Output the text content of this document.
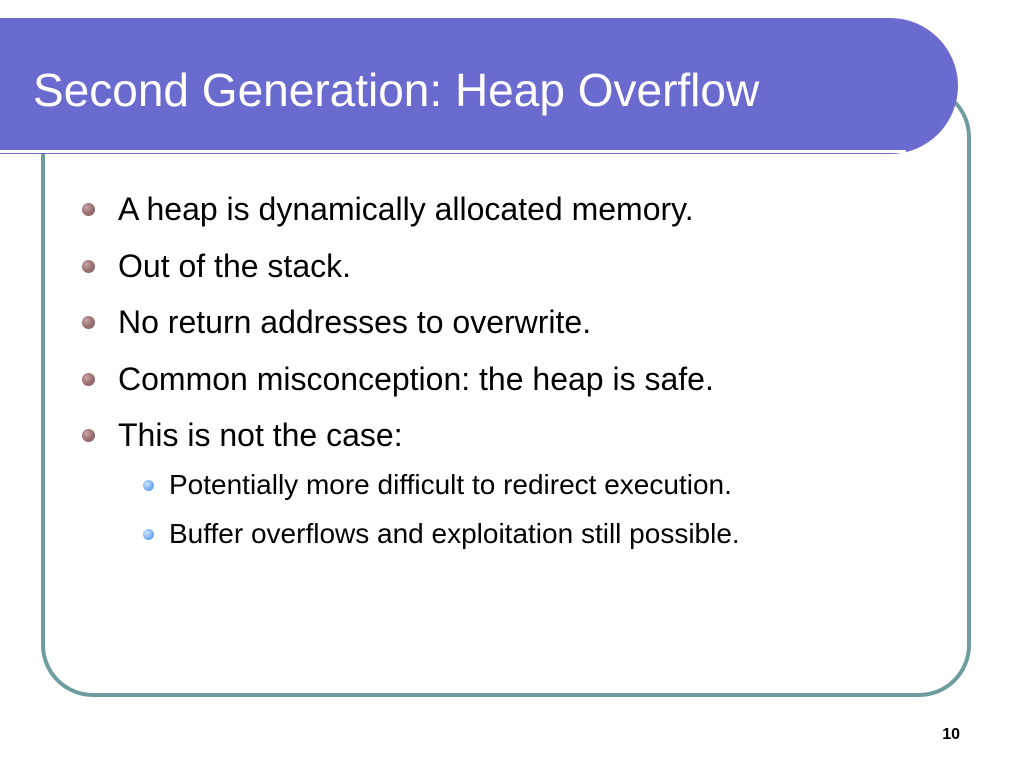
Second Generation: Heap Overflow
A heap is dynamically allocated memory.
Out of the stack.
No return addresses to overwrite.
Common misconception: the heap is safe.
This is not the case:
Potentially more difficult to redirect execution.
Buffer overflows and exploitation still possible.
10
